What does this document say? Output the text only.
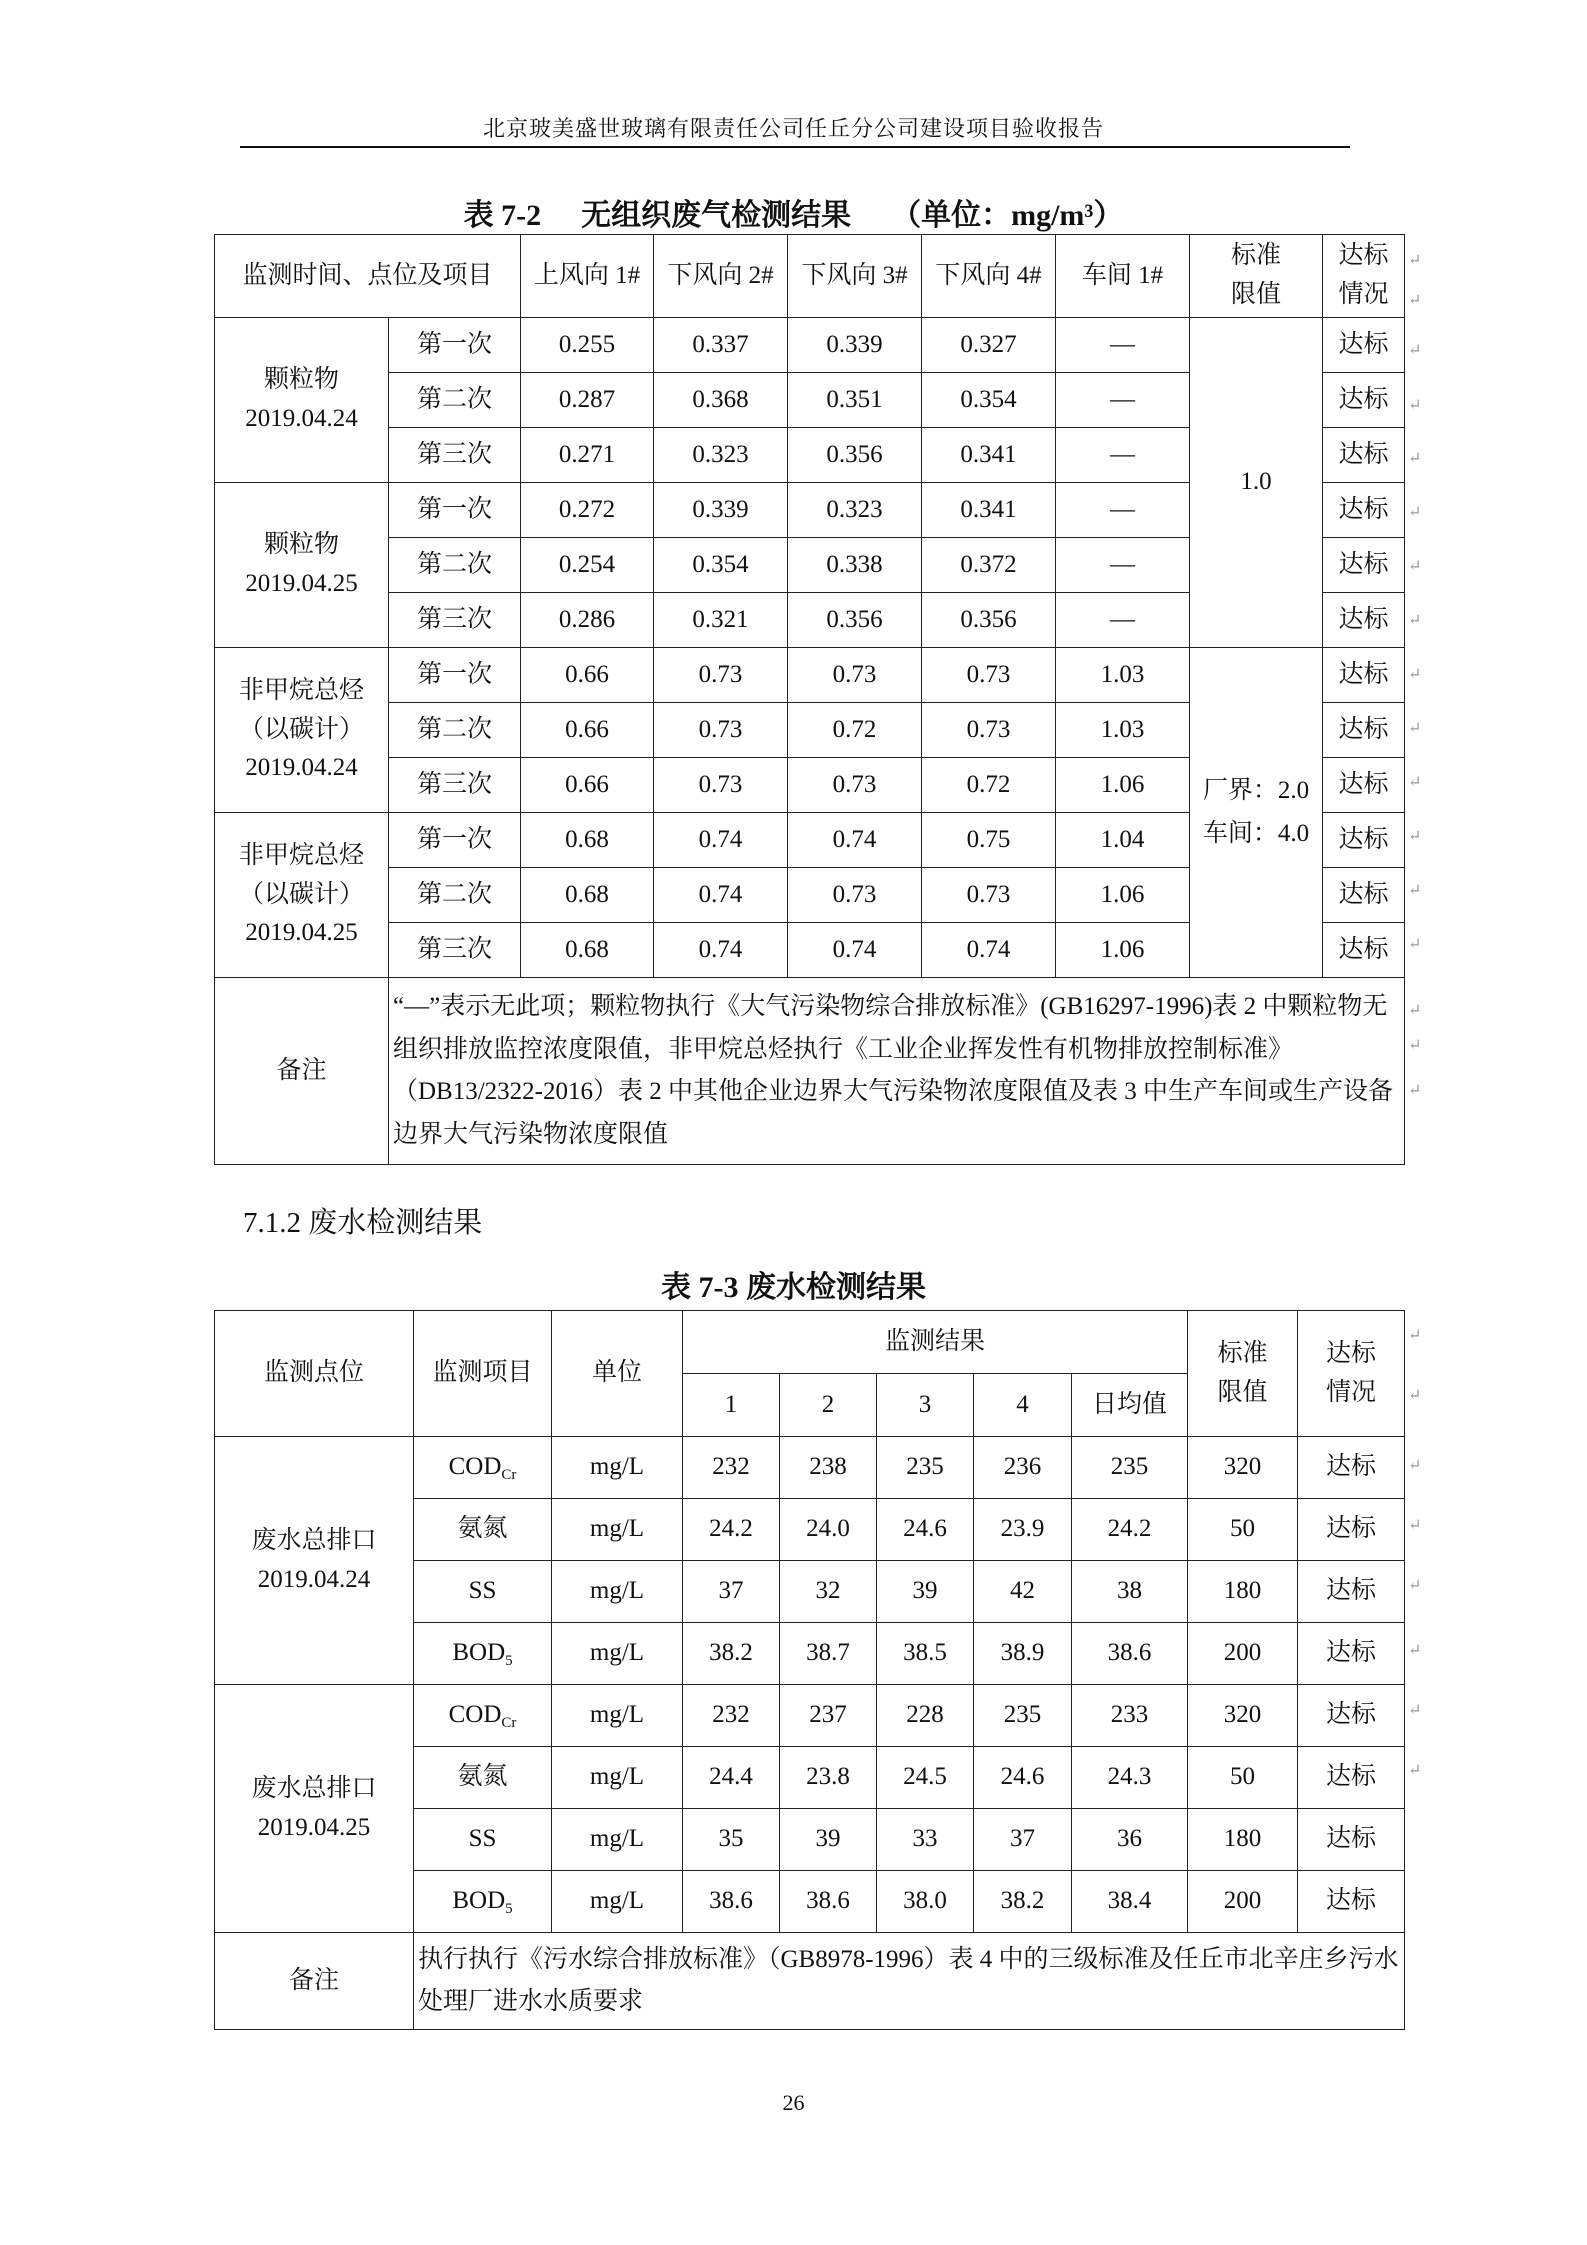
北京玻美盛世玻璃有限责任公司任丘分公司建设项目验收报告
表 7-2 无组织废气检测结果 （单位：mg/m³）
监测时间、点位及项目		上风向 1#	下风向 2#	下风向 3#	下风向 4#	车间 1#	标准
限值	达标
情况

颗粒物
2019.04.24	第一次	0.255	0.337	0.339	0.327	—	1.0	达标
	第二次	0.287	0.368	0.351	0.354	—		达标
	第三次	0.271	0.323	0.356	0.341	—		达标

颗粒物
2019.04.25	第一次	0.272	0.339	0.323	0.341	—		达标
	第二次	0.254	0.354	0.338	0.372	—		达标
	第三次	0.286	0.321	0.356	0.356	—		达标

非甲烷总烃
（以碳计）
2019.04.24	第一次	0.66	0.73	0.73	0.73	1.03	厂界：2.0
车间：4.0	达标
	第二次	0.66	0.73	0.72	0.73	1.03		达标
	第三次	0.66	0.73	0.73	0.72	1.06		达标

非甲烷总烃
（以碳计）
2019.04.25	第一次	0.68	0.74	0.74	0.75	1.04		达标
	第二次	0.68	0.74	0.73	0.73	1.06		达标
	第三次	0.68	0.74	0.74	0.74	1.06		达标
备注	“—”表示无此项；颗粒物执行《大气污染物综合排放标准》(GB16297-1996)表 2 中颗粒物无组织排放监控浓度限值，非甲烷总烃执行《工业企业挥发性有机物排放控制标准》（DB13/2322-2016）表 2 中其他企业边界大气污染物浓度限值及表 3 中生产车间或生产设备边界大气污染物浓度限值							
7.1.2 废水检测结果
表 7-3 废水检测结果
监测点位	监测项目	单位	监测结果					标准
限值	达标
情况

			1	2	3	4	日均值		

废水总排口
2019.04.24	$COD_{Cr}$	mg/L	232	238	235	236	235	320	达标
	氨氮	mg/L	24.2	24.0	24.6	23.9	24.2	50	达标
	SS	mg/L	37	32	39	42	38	180	达标
	$BOD_5$	mg/L	38.2	38.7	38.5	38.9	38.6	200	达标

废水总排口
2019.04.25	$COD_{Cr}$	mg/L	232	237	228	235	233	320	达标
	氨氮	mg/L	24.4	23.8	24.5	24.6	24.3	50	达标
	SS	mg/L	35	39	33	37	36	180	达标
	$BOD_5$	mg/L	38.6	38.6	38.0	38.2	38.4	200	达标
备注	执行执行《污水综合排放标准》（GB8978-1996）表 4 中的三级标准及任丘市北辛庄乡污水处理厂进水水质要求								
26
↵
↵
↵
↵
↵
↵
↵
↵
↵
↵
↵
↵
↵
↵
↵
↵
↵
↵
↵
↵
↵
↵
↵
↵
↵
